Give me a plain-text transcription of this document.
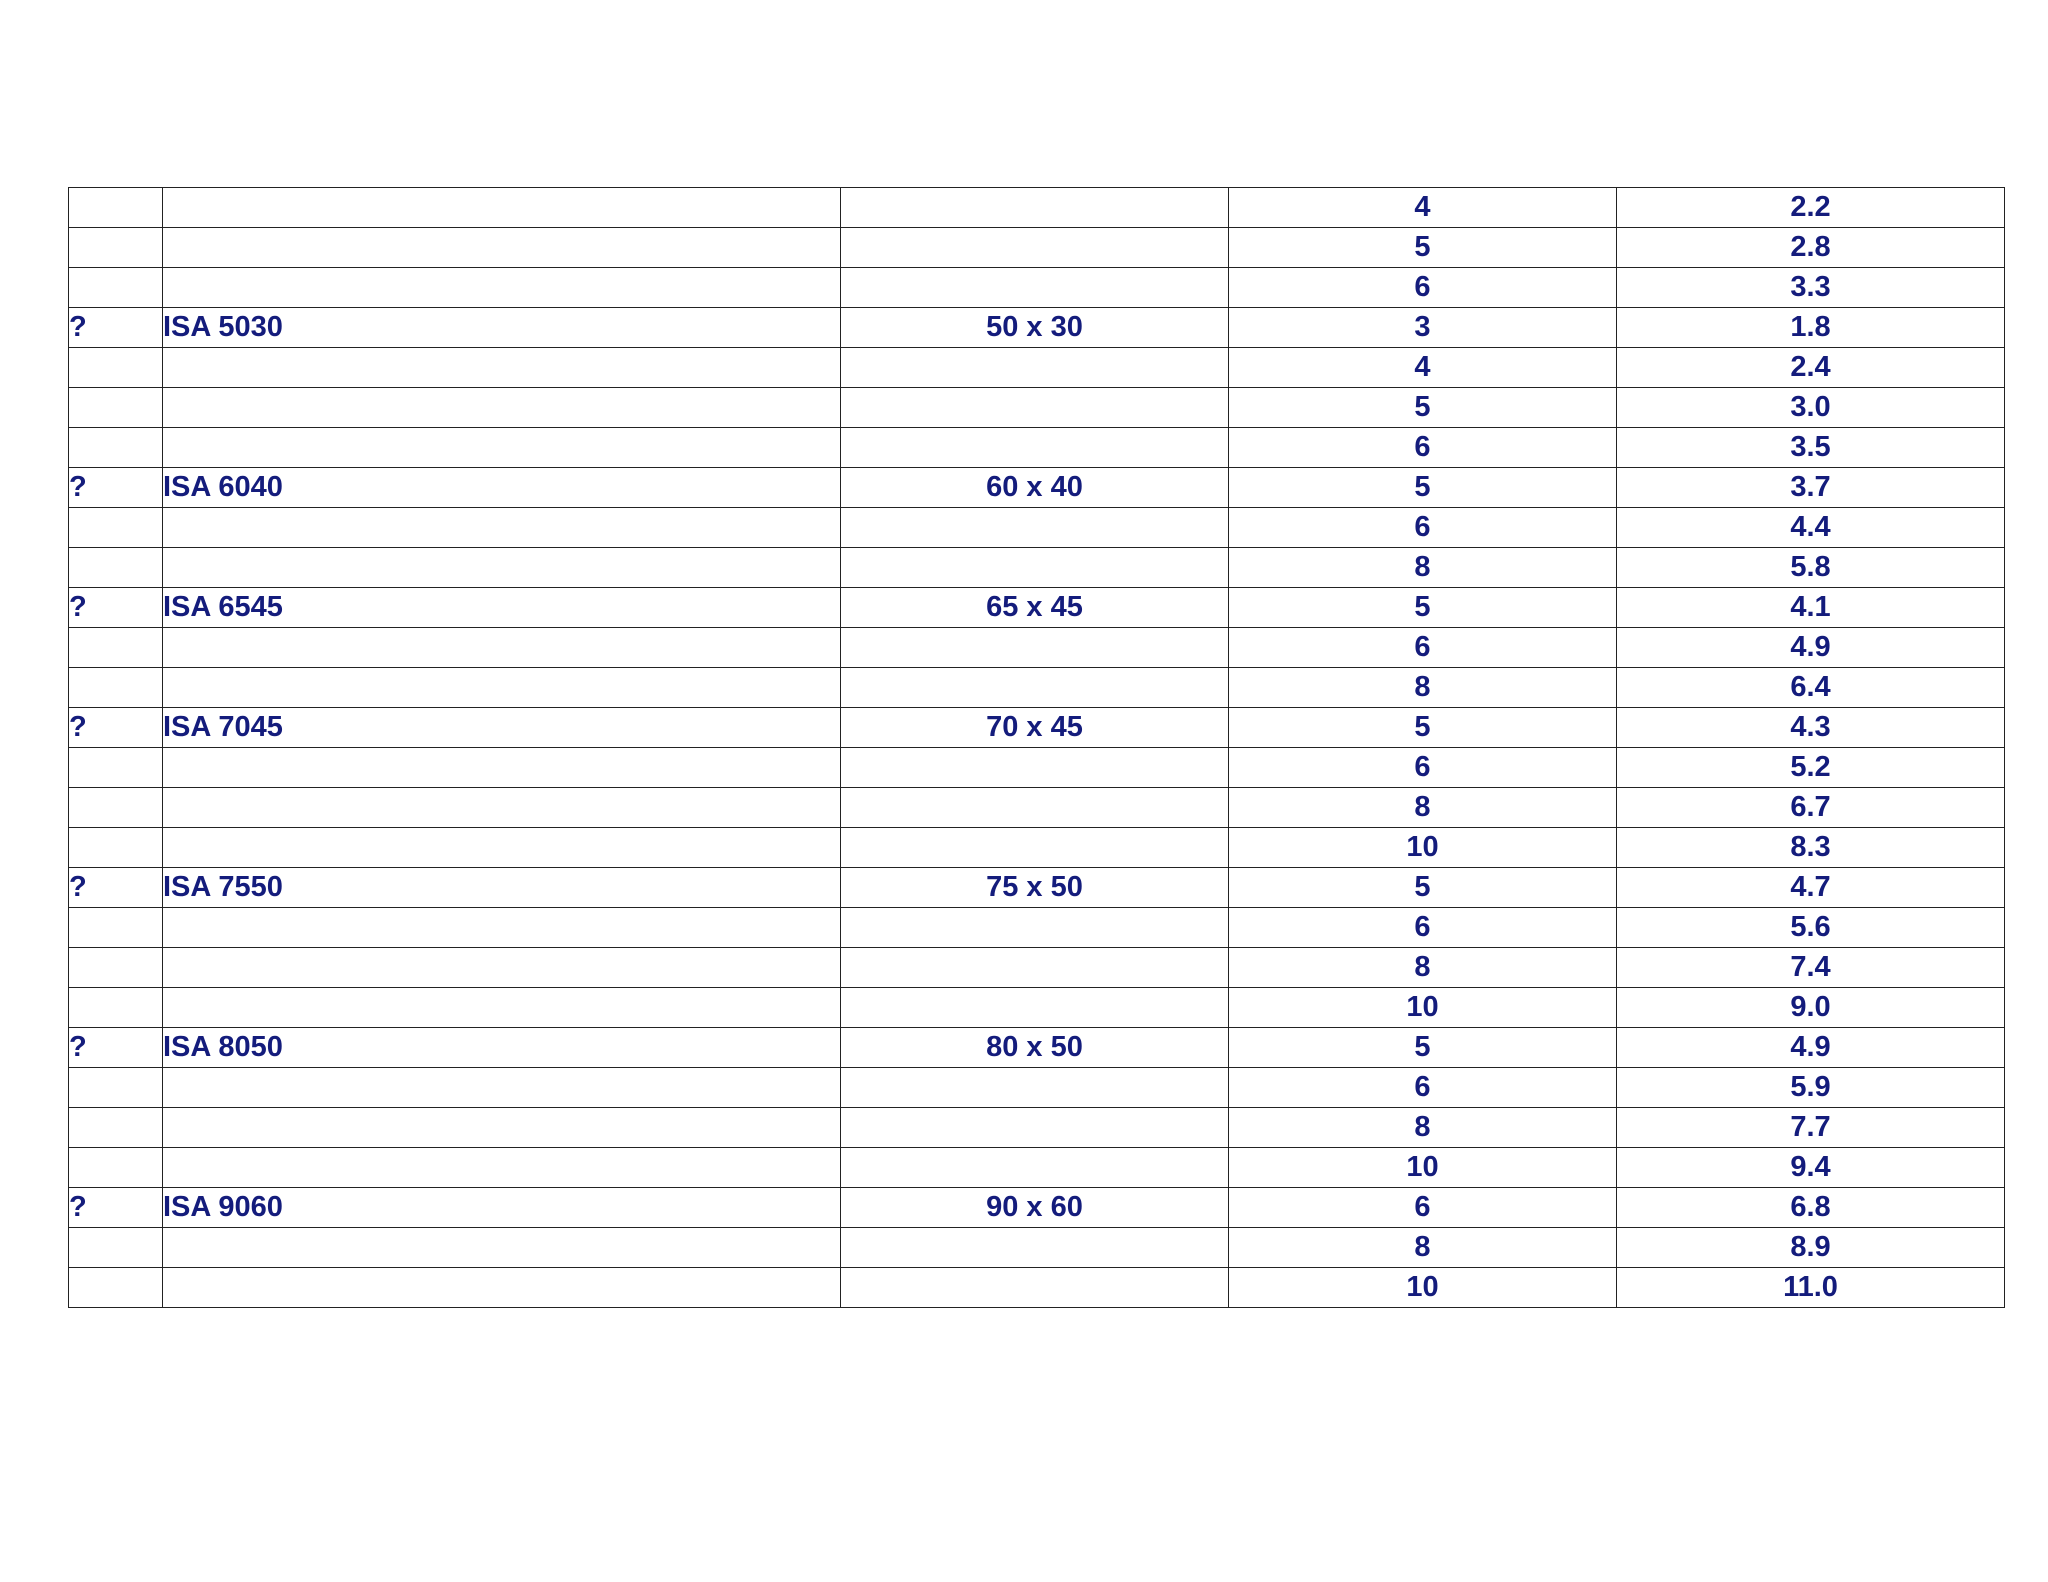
			4	2.2
			5	2.8
			6	3.3
?	ISA 5030	50 x 30	3	1.8
			4	2.4
			5	3.0
			6	3.5
?	ISA 6040	60 x 40	5	3.7
			6	4.4
			8	5.8
?	ISA 6545	65 x 45	5	4.1
			6	4.9
			8	6.4
?	ISA 7045	70 x 45	5	4.3
			6	5.2
			8	6.7
			10	8.3
?	ISA 7550	75 x 50	5	4.7
			6	5.6
			8	7.4
			10	9.0
?	ISA 8050	80 x 50	5	4.9
			6	5.9
			8	7.7
			10	9.4
?	ISA 9060	90 x 60	6	6.8
			8	8.9
			10	11.0
